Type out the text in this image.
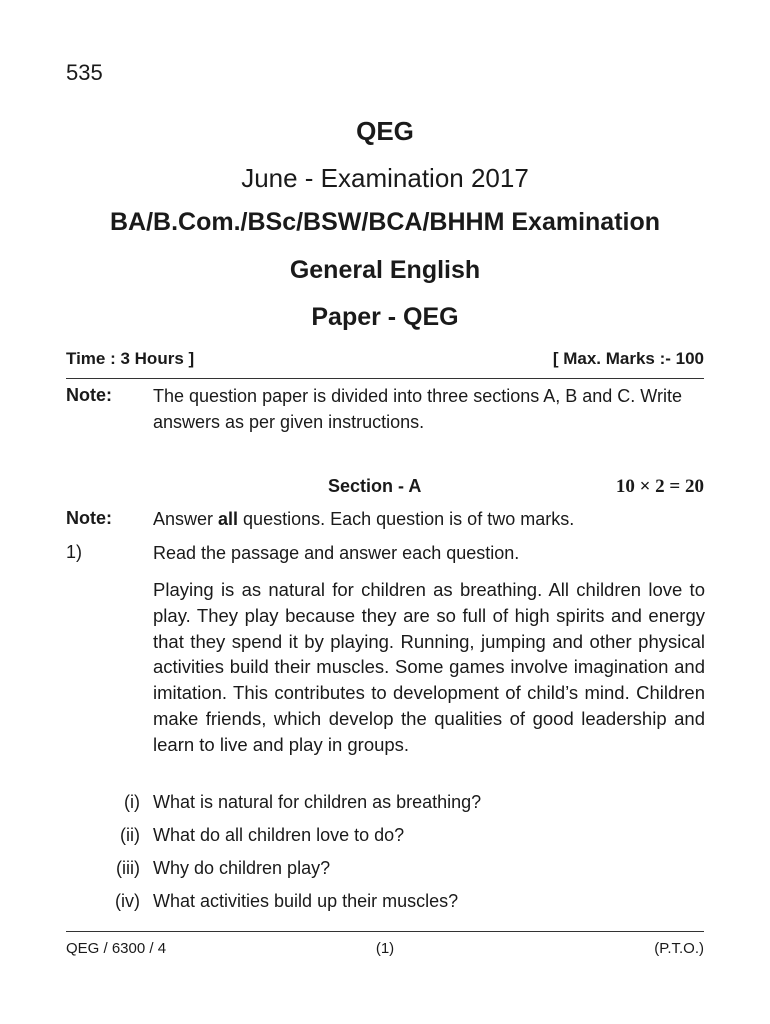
535
QEG
June - Examination 2017
BA/B.Com./BSc/BSW/BCA/BHHM Examination
General English
Paper - QEG
Time : 3 Hours ]	[ Max. Marks :- 100
Note: The question paper is divided into three sections A, B and C. Write answers as per given instructions.
Section - A	10 × 2 = 20
Note: Answer all questions. Each question is of two marks.
1)	Read the passage and answer each question.
Playing is as natural for children as breathing. All children love to play. They play because they are so full of high spirits and energy that they spend it by playing. Running, jumping and other physical activities build their muscles. Some games involve imagination and imitation. This contributes to development of child’s mind. Children make friends, which develop the qualities of good leadership and learn to live and play in groups.
(i) What is natural for children as breathing?
(ii) What do all children love to do?
(iii) Why do children play?
(iv) What activities build up their muscles?
QEG / 6300 / 4	(1)	(P.T.O.)
